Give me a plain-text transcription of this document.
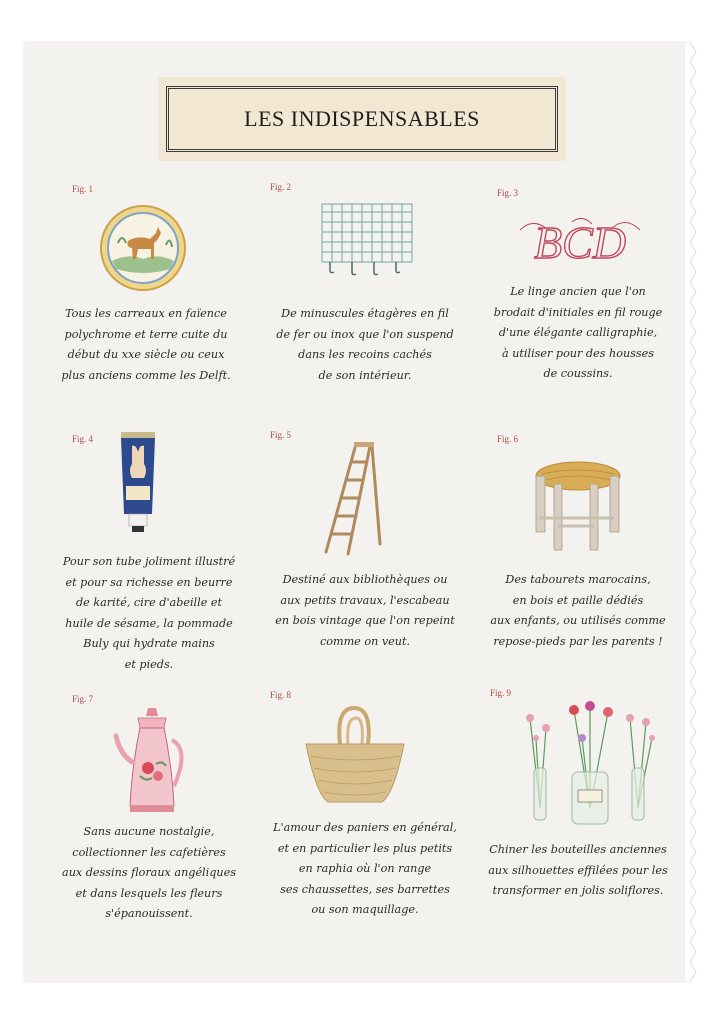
LES INDISPENSABLES
Fig. 1
Tous les carreaux en faïence
polychrome et terre cuite du
début du xxe siècle ou ceux
plus anciens comme les Delft.
Fig. 2
De minuscules étagères en fil
de fer ou inox que l'on suspend
dans les recoins cachés
de son intérieur.
Fig. 3
BCD
Le linge ancien que l'on
brodait d'initiales en fil rouge
d'une élégante calligraphie,
à utiliser pour des housses
de coussins.
Fig. 4
Pour son tube joliment illustré
et pour sa richesse en beurre
de karité, cire d'abeille et
huile de sésame, la pommade
Buly qui hydrate mains
et pieds.
Fig. 5
Destiné aux bibliothèques ou
aux petits travaux, l'escabeau
en bois vintage que l'on repeint
comme on veut.
Fig. 6
Des tabourets marocains,
en bois et paille dédiés
aux enfants, ou utilisés comme
repose-pieds par les parents !
Fig. 7
Sans aucune nostalgie,
collectionner les cafetières
aux dessins floraux angéliques
et dans lesquels les fleurs
s'épanouissent.
Fig. 8
L'amour des paniers en général,
et en particulier les plus petits
en raphia où l'on range
ses chaussettes, ses barrettes
ou son maquillage.
Fig. 9
Chiner les bouteilles anciennes
aux silhouettes effilées pour les
transformer en jolis soliflores.
